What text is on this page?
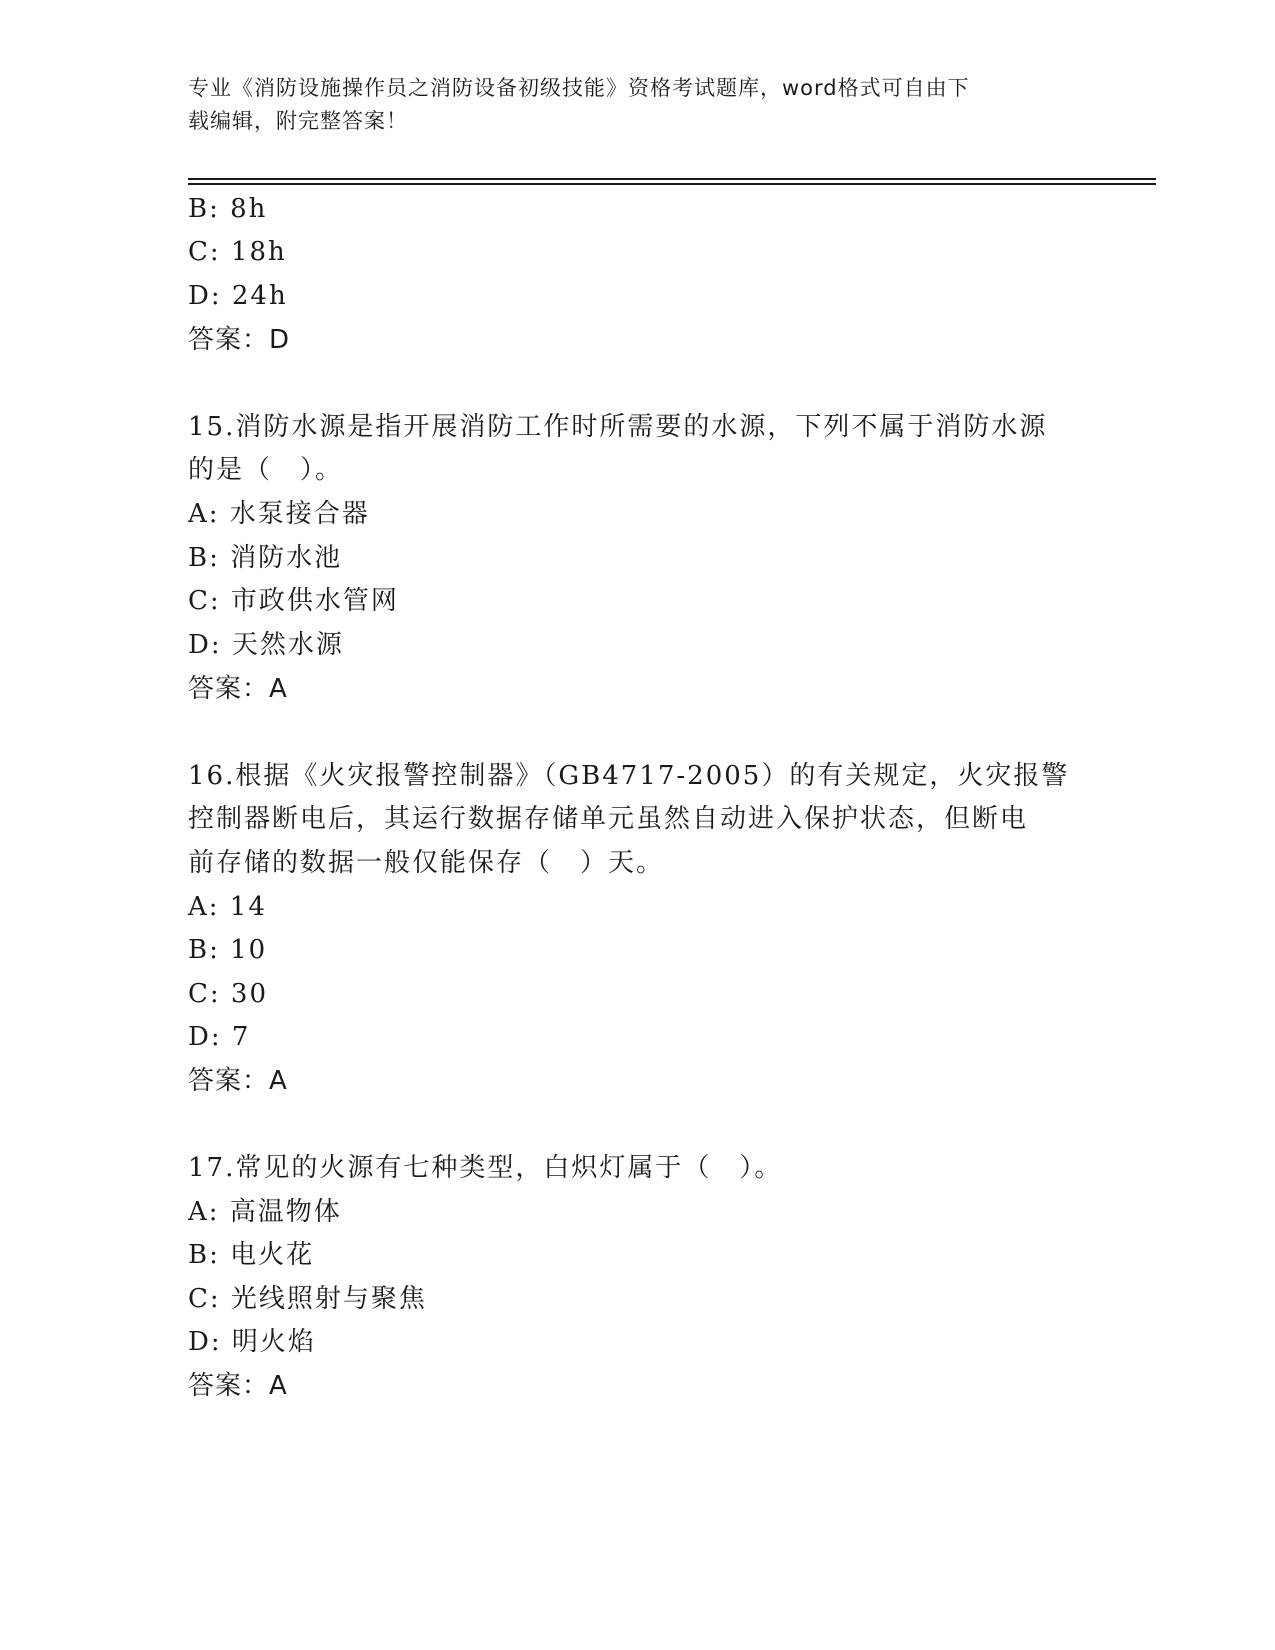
专业《消防设施操作员之消防设备初级技能》资格考试题库，word格式可自由下
载编辑，附完整答案！
B: 8h
C: 18h
D: 24h
答案：D
15.消防水源是指开展消防工作时所需要的水源，下列不属于消防水源
的是（　）。
A: 水泵接合器
B: 消防水池
C: 市政供水管网
D: 天然水源
答案：A
16.根据《火灾报警控制器》（GB4717-2005）的有关规定，火灾报警
控制器断电后，其运行数据存储单元虽然自动进入保护状态，但断电
前存储的数据一般仅能保存（　）天。
A: 14
B: 10
C: 30
D: 7
答案：A
17.常见的火源有七种类型，白炽灯属于（　）。
A: 高温物体
B: 电火花
C: 光线照射与聚焦
D: 明火焰
答案：A
